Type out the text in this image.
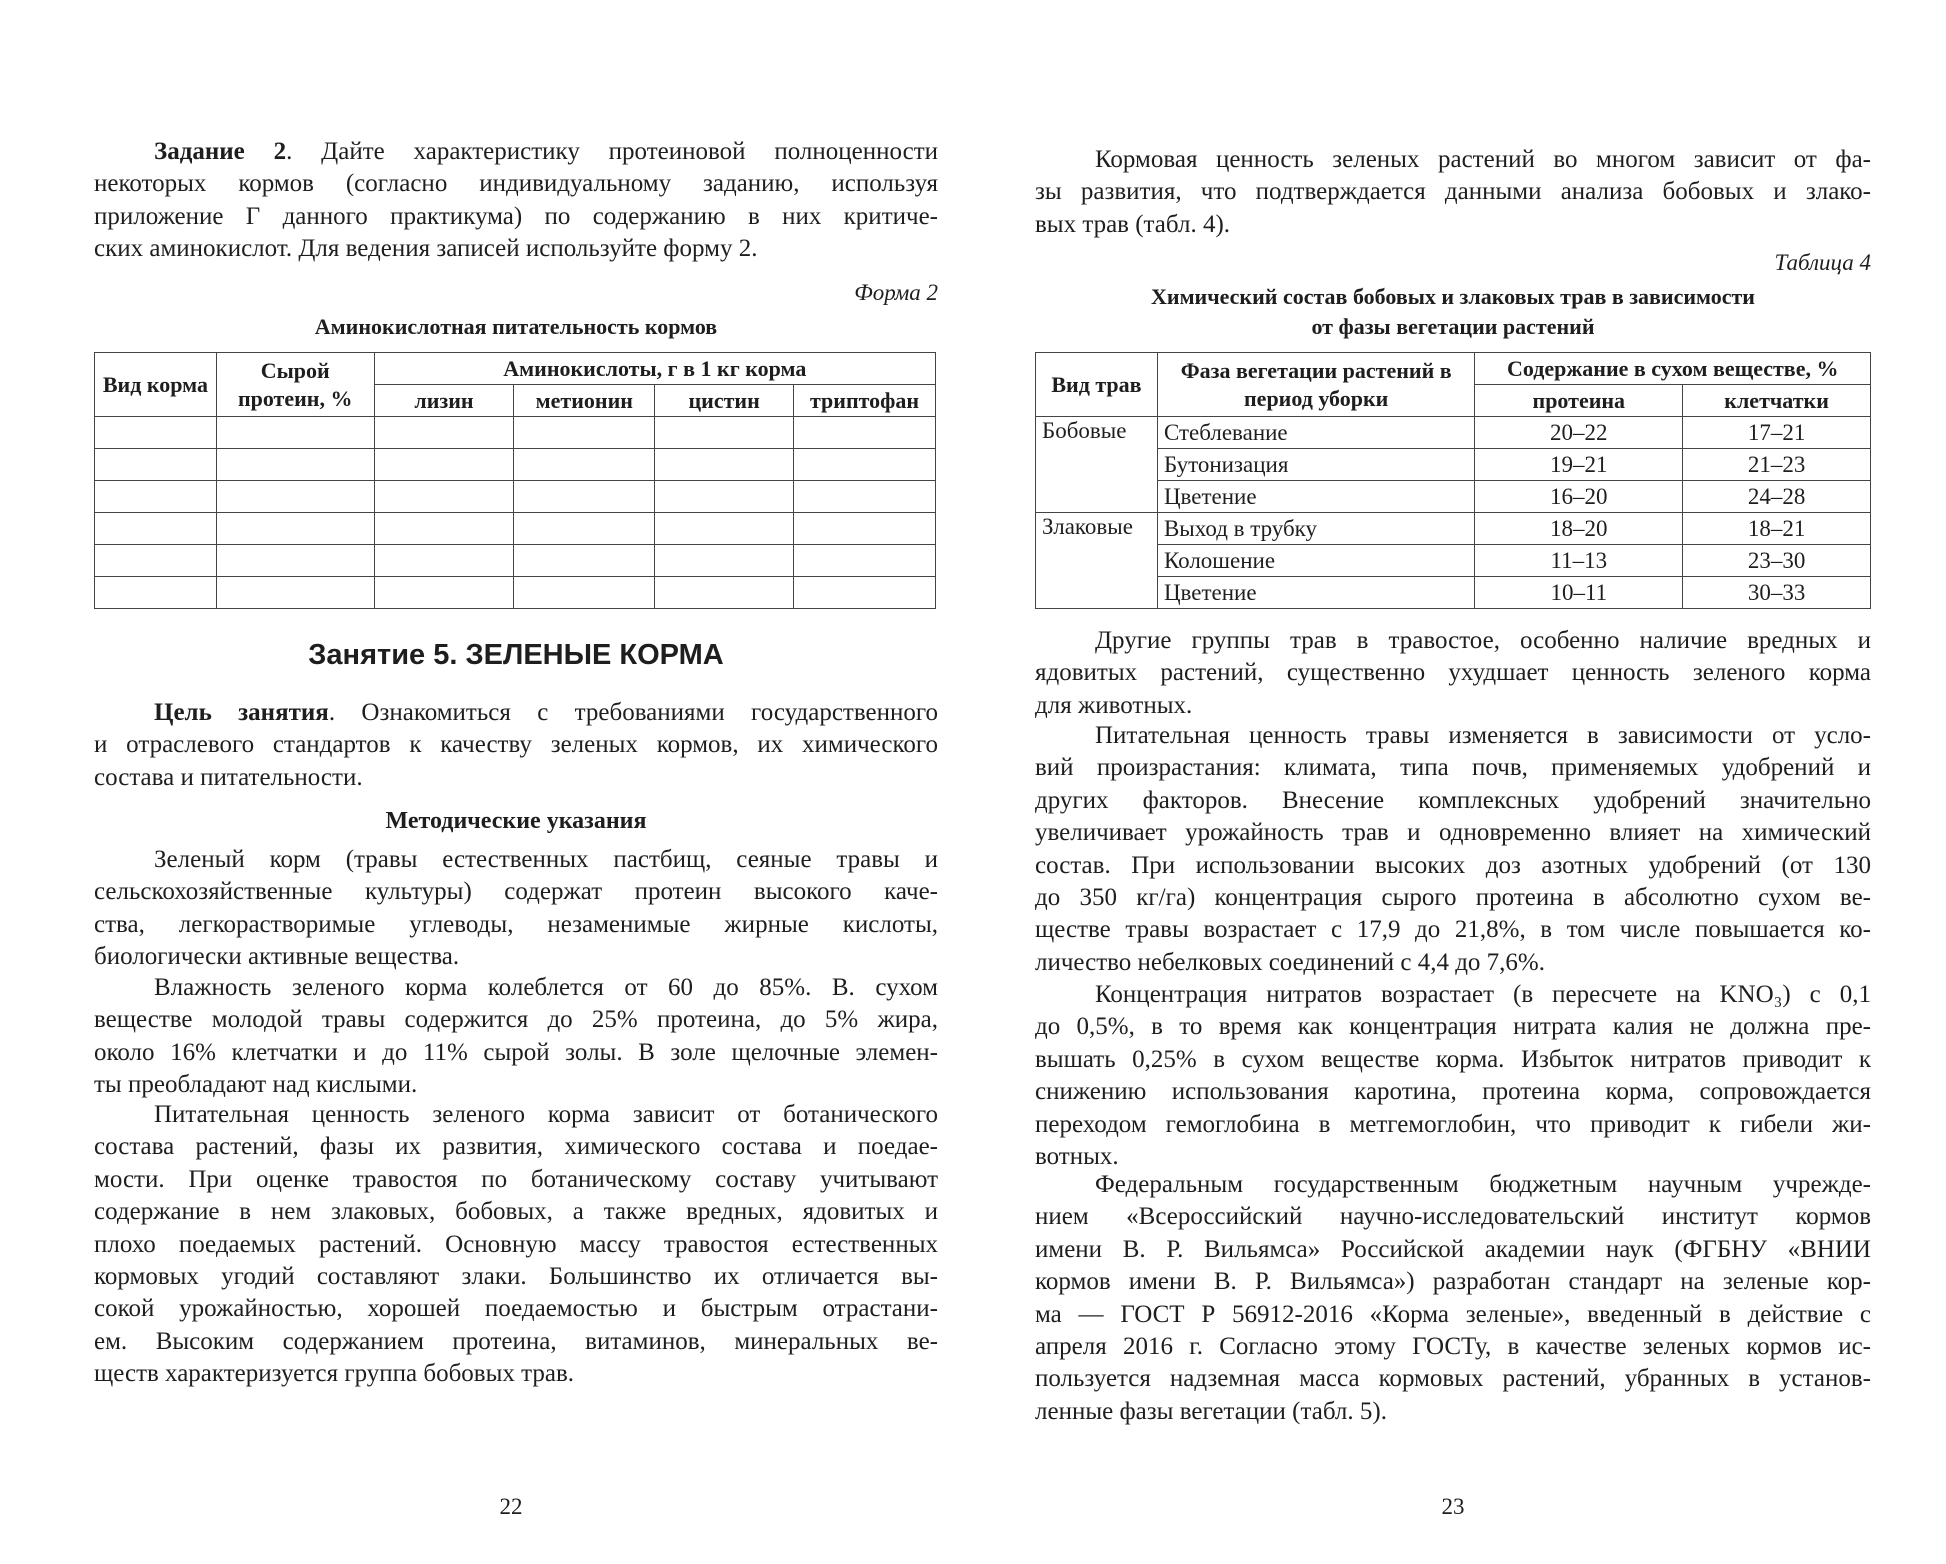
Задание 2. Дайте характеристику протеиновой полноценности
некоторых кормов (согласно индивидуальному заданию, используя
приложение Г данного практикума) по содержанию в них критиче-
ских аминокислот. Для ведения записей используйте форму 2.
Форма 2
Аминокислотная питательность кормов
Вид корма	Сырой протеин, %	Аминокислоты, г в 1 кг корма			
		лизин	метионин	цистин	триптофан

Занятие 5. ЗЕЛЕНЫЕ КОРМА
Цель занятия. Ознакомиться с требованиями государственного
и отраслевого стандартов к качеству зеленых кормов, их химического
состава и питательности.
Методические указания
Зеленый корм (травы естественных пастбищ, сеяные травы и
сельскохозяйственные культуры) содержат протеин высокого каче-
ства, легкорастворимые углеводы, незаменимые жирные кислоты,
биологически активные вещества.
Влажность зеленого корма колеблется от 60 до 85%. В. сухом
веществе молодой травы содержится до 25% протеина, до 5% жира,
около 16% клетчатки и до 11% сырой золы. В золе щелочные элемен-
ты преобладают над кислыми.
Питательная ценность зеленого корма зависит от ботанического
состава растений, фазы их развития, химического состава и поедае-
мости. При оценке травостоя по ботаническому составу учитывают
содержание в нем злаковых, бобовых, а также вредных, ядовитых и
плохо поедаемых растений. Основную массу травостоя естественных
кормовых угодий составляют злаки. Большинство их отличается вы-
сокой урожайностью, хорошей поедаемостью и быстрым отрастани-
ем. Высоким содержанием протеина, витаминов, минеральных ве-
ществ характеризуется группа бобовых трав.
22
Кормовая ценность зеленых растений во многом зависит от фа-
зы развития, что подтверждается данными анализа бобовых и злако-
вых трав (табл. 4).
Таблица 4
Химический состав бобовых и злаковых трав в зависимости
от фазы вегетации растений
Вид трав	Фаза вегетации растений в период уборки	Содержание в сухом веществе, %	
		протеина	клетчатки
Бобовые	Стеблевание	20–22	17–21
	Бутонизация	19–21	21–23
	Цветение	16–20	24–28
Злаковые	Выход в трубку	18–20	18–21
	Колошение	11–13	23–30
	Цветение	10–11	30–33
Другие группы трав в травостое, особенно наличие вредных и
ядовитых растений, существенно ухудшает ценность зеленого корма
для животных.
Питательная ценность травы изменяется в зависимости от усло-
вий произрастания: климата, типа почв, применяемых удобрений и
других факторов. Внесение комплексных удобрений значительно
увеличивает урожайность трав и одновременно влияет на химический
состав. При использовании высоких доз азотных удобрений (от 130
до 350 кг/га) концентрация сырого протеина в абсолютно сухом ве-
ществе травы возрастает с 17,9 до 21,8%, в том числе повышается ко-
личество небелковых соединений с 4,4 до 7,6%.
Концентрация нитратов возрастает (в пересчете на KNO₃) с 0,1
до 0,5%, в то время как концентрация нитрата калия не должна пре-
вышать 0,25% в сухом веществе корма. Избыток нитратов приводит к
снижению использования каротина, протеина корма, сопровождается
переходом гемоглобина в метгемоглобин, что приводит к гибели жи-
вотных.
Федеральным государственным бюджетным научным учрежде-
нием «Всероссийский научно-исследовательский институт кормов
имени В. Р. Вильямса» Российской академии наук (ФГБНУ «ВНИИ
кормов имени В. Р. Вильямса») разработан стандарт на зеленые кор-
ма — ГОСТ Р 56912-2016 «Корма зеленые», введенный в действие с
апреля 2016 г. Согласно этому ГОСТу, в качестве зеленых кормов ис-
пользуется надземная масса кормовых растений, убранных в установ-
ленные фазы вегетации (табл. 5).
23
